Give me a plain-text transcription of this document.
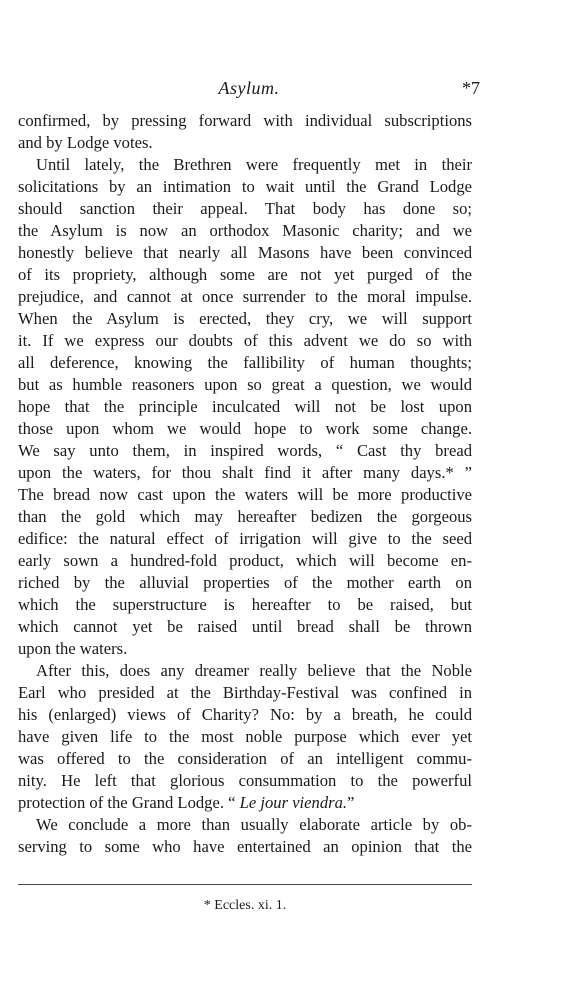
Asylum.	*7
confirmed, by pressing forward with individual subscriptions
and by Lodge votes.
Until lately, the Brethren were frequently met in their
solicitations by an intimation to wait until the Grand Lodge
should sanction their appeal. That body has done so;
the Asylum is now an orthodox Masonic charity; and we
honestly believe that nearly all Masons have been convinced
of its propriety, although some are not yet purged of the
prejudice, and cannot at once surrender to the moral impulse.
When the Asylum is erected, they cry, we will support
it. If we express our doubts of this advent we do so with
all deference, knowing the fallibility of human thoughts;
but as humble reasoners upon so great a question, we would
hope that the principle inculcated will not be lost upon
those upon whom we would hope to work some change.
We say unto them, in inspired words, “ Cast thy bread
upon the waters, for thou shalt find it after many days.* ”
The bread now cast upon the waters will be more productive
than the gold which may hereafter bedizen the gorgeous
edifice: the natural effect of irrigation will give to the seed
early sown a hundred-fold product, which will become en-
riched by the alluvial properties of the mother earth on
which the superstructure is hereafter to be raised, but
which cannot yet be raised until bread shall be thrown
upon the waters.
After this, does any dreamer really believe that the Noble
Earl who presided at the Birthday-Festival was confined in
his (enlarged) views of Charity? No: by a breath, he could
have given life to the most noble purpose which ever yet
was offered to the consideration of an intelligent commu-
nity. He left that glorious consummation to the powerful
protection of the Grand Lodge. “ Le jour viendra.”
We conclude a more than usually elaborate article by ob-
serving to some who have entertained an opinion that the
* Eccles. xi. 1.
